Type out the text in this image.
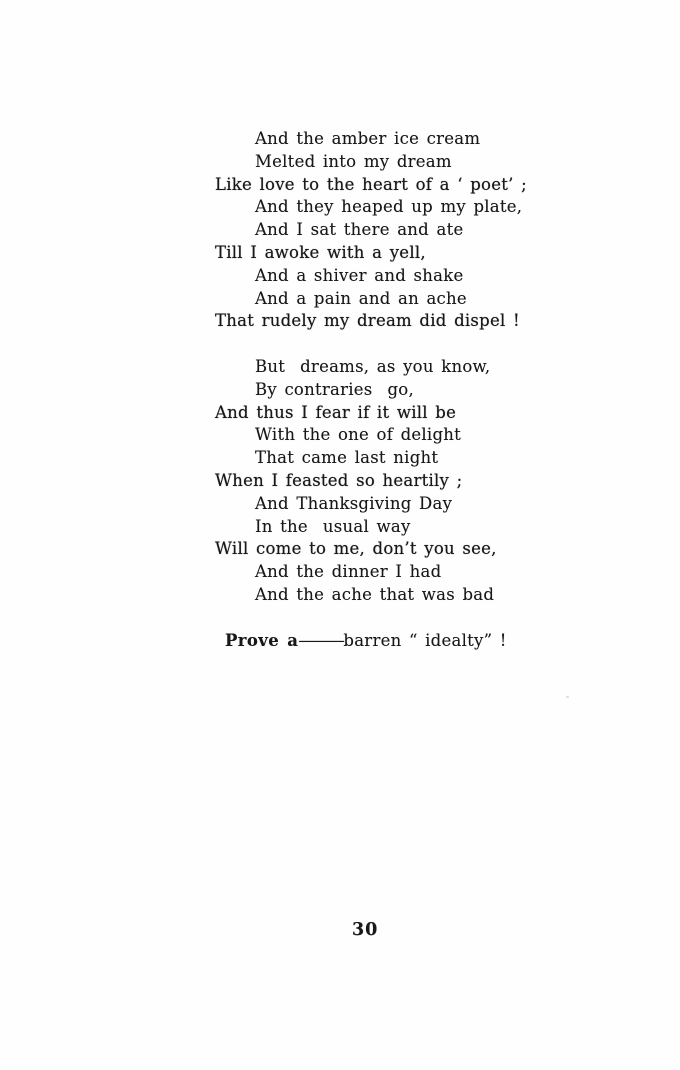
And the amber ice cream
Melted into my dream
Like love to the heart of a ‘ poet’ ;
And they heaped up my plate,
And I sat there and ate
Till I awoke with a yell,
And a shiver and shake
And a pain and an ache
That rudely my dream did dispel !
But  dreams, as you know,
By contraries  go,
And thus I fear if it will be
With the one of delight
That came last night
When I feasted so heartily ;
And Thanksgiving Day
In the  usual way
Will come to me, don’t you see,
And the dinner I had
And the ache that was bad

Prove a———barren “ idealty” !

30
